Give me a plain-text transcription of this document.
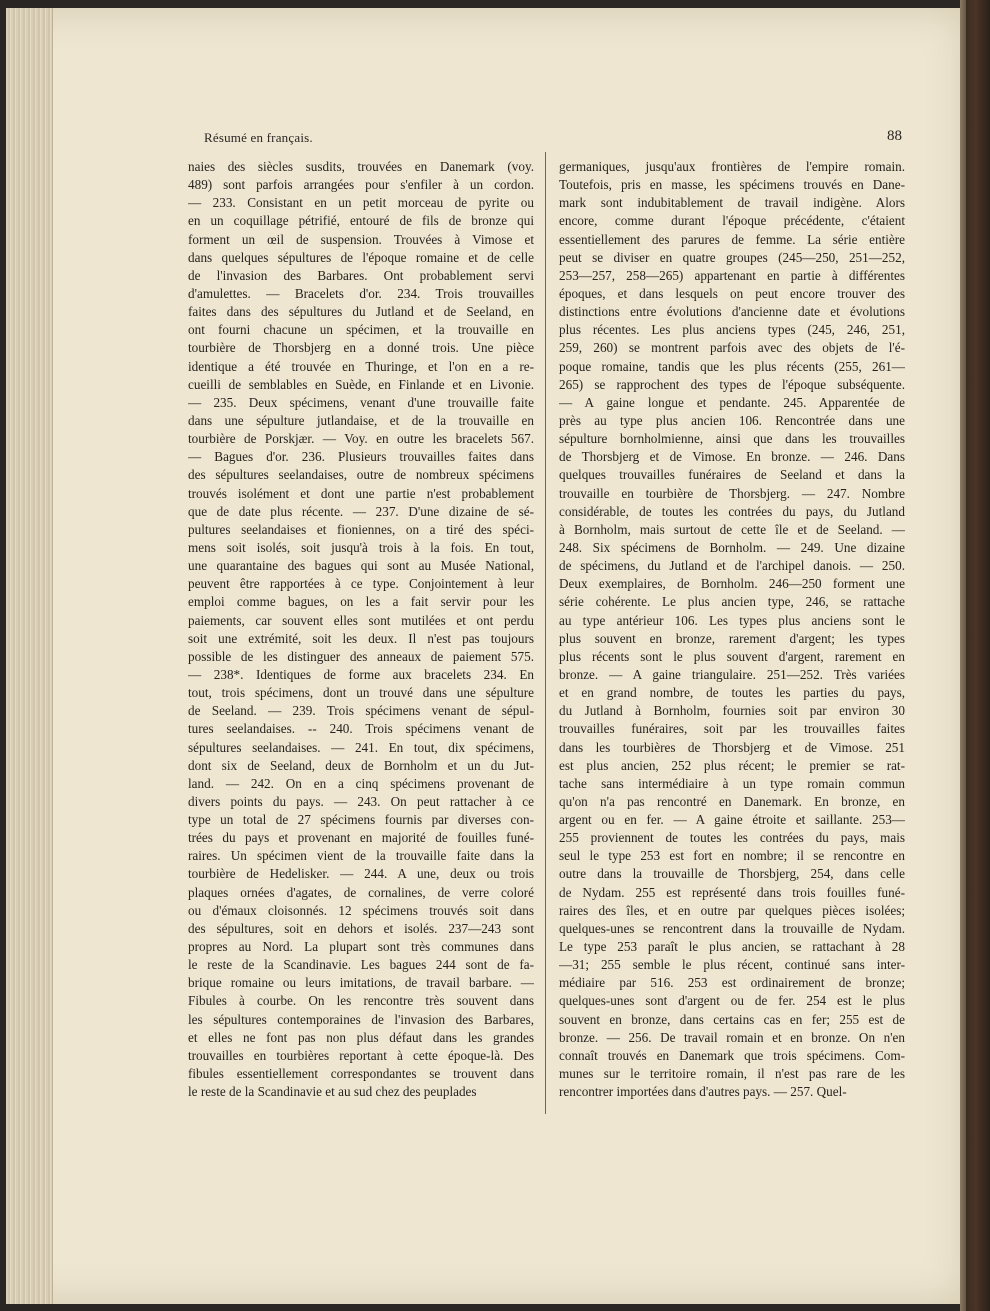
Résumé en français.	88
naies des siècles susdits, trouvées en Danemark (voy.
489) sont parfois arrangées pour s'enfiler à un cordon.
— 233. Consistant en un petit morceau de pyrite ou
en un coquillage pétrifié, entouré de fils de bronze qui
forment un œil de suspension. Trouvées à Vimose et
dans quelques sépultures de l'époque romaine et de celle
de l'invasion des Barbares. Ont probablement servi
d'amulettes. — Bracelets d'or. 234. Trois trouvailles
faites dans des sépultures du Jutland et de Seeland, en
ont fourni chacune un spécimen, et la trouvaille en
tourbière de Thorsbjerg en a donné trois. Une pièce
identique a été trouvée en Thuringe, et l'on en a re-
cueilli de semblables en Suède, en Finlande et en Livonie.
— 235. Deux spécimens, venant d'une trouvaille faite
dans une sépulture jutlandaise, et de la trouvaille en
tourbière de Porskjær. — Voy. en outre les bracelets 567.
— Bagues d'or. 236. Plusieurs trouvailles faites dans
des sépultures seelandaises, outre de nombreux spécimens
trouvés isolément et dont une partie n'est probablement
que de date plus récente. — 237. D'une dizaine de sé-
pultures seelandaises et fioniennes, on a tiré des spéci-
mens soit isolés, soit jusqu'à trois à la fois. En tout,
une quarantaine des bagues qui sont au Musée National,
peuvent être rapportées à ce type. Conjointement à leur
emploi comme bagues, on les a fait servir pour les
paiements, car souvent elles sont mutilées et ont perdu
soit une extrémité, soit les deux. Il n'est pas toujours
possible de les distinguer des anneaux de paiement 575.
— 238*. Identiques de forme aux bracelets 234. En
tout, trois spécimens, dont un trouvé dans une sépulture
de Seeland. — 239. Trois spécimens venant de sépul-
tures seelandaises. -- 240. Trois spécimens venant de
sépultures seelandaises. — 241. En tout, dix spécimens,
dont six de Seeland, deux de Bornholm et un du Jut-
land. — 242. On en a cinq spécimens provenant de
divers points du pays. — 243. On peut rattacher à ce
type un total de 27 spécimens fournis par diverses con-
trées du pays et provenant en majorité de fouilles funé-
raires. Un spécimen vient de la trouvaille faite dans la
tourbière de Hedelisker. — 244. A une, deux ou trois
plaques ornées d'agates, de cornalines, de verre coloré
ou d'émaux cloisonnés. 12 spécimens trouvés soit dans
des sépultures, soit en dehors et isolés. 237—243 sont
propres au Nord. La plupart sont très communes dans
le reste de la Scandinavie. Les bagues 244 sont de fa-
brique romaine ou leurs imitations, de travail barbare. —
Fibules à courbe. On les rencontre très souvent dans
les sépultures contemporaines de l'invasion des Barbares,
et elles ne font pas non plus défaut dans les grandes
trouvailles en tourbières reportant à cette époque-là. Des
fibules essentiellement correspondantes se trouvent dans
le reste de la Scandinavie et au sud chez des peuplades
germaniques, jusqu'aux frontières de l'empire romain.
Toutefois, pris en masse, les spécimens trouvés en Dane-
mark sont indubitablement de travail indigène. Alors
encore, comme durant l'époque précédente, c'étaient
essentiellement des parures de femme. La série entière
peut se diviser en quatre groupes (245—250, 251—252,
253—257, 258—265) appartenant en partie à différentes
époques, et dans lesquels on peut encore trouver des
distinctions entre évolutions d'ancienne date et évolutions
plus récentes. Les plus anciens types (245, 246, 251,
259, 260) se montrent parfois avec des objets de l'é-
poque romaine, tandis que les plus récents (255, 261—
265) se rapprochent des types de l'époque subséquente.
— A gaine longue et pendante. 245. Apparentée de
près au type plus ancien 106. Rencontrée dans une
sépulture bornholmienne, ainsi que dans les trouvailles
de Thorsbjerg et de Vimose. En bronze. — 246. Dans
quelques trouvailles funéraires de Seeland et dans la
trouvaille en tourbière de Thorsbjerg. — 247. Nombre
considérable, de toutes les contrées du pays, du Jutland
à Bornholm, mais surtout de cette île et de Seeland. —
248. Six spécimens de Bornholm. — 249. Une dizaine
de spécimens, du Jutland et de l'archipel danois. — 250.
Deux exemplaires, de Bornholm. 246—250 forment une
série cohérente. Le plus ancien type, 246, se rattache
au type antérieur 106. Les types plus anciens sont le
plus souvent en bronze, rarement d'argent; les types
plus récents sont le plus souvent d'argent, rarement en
bronze. — A gaine triangulaire. 251—252. Très variées
et en grand nombre, de toutes les parties du pays,
du Jutland à Bornholm, fournies soit par environ 30
trouvailles funéraires, soit par les trouvailles faites
dans les tourbières de Thorsbjerg et de Vimose. 251
est plus ancien, 252 plus récent; le premier se rat-
tache sans intermédiaire à un type romain commun
qu'on n'a pas rencontré en Danemark. En bronze, en
argent ou en fer. — A gaine étroite et saillante. 253—
255 proviennent de toutes les contrées du pays, mais
seul le type 253 est fort en nombre; il se rencontre en
outre dans la trouvaille de Thorsbjerg, 254, dans celle
de Nydam. 255 est représenté dans trois fouilles funé-
raires des îles, et en outre par quelques pièces isolées;
quelques-unes se rencontrent dans la trouvaille de Nydam.
Le type 253 paraît le plus ancien, se rattachant à 28
—31; 255 semble le plus récent, continué sans inter-
médiaire par 516. 253 est ordinairement de bronze;
quelques-unes sont d'argent ou de fer. 254 est le plus
souvent en bronze, dans certains cas en fer; 255 est de
bronze. — 256. De travail romain et en bronze. On n'en
connaît trouvés en Danemark que trois spécimens. Com-
munes sur le territoire romain, il n'est pas rare de les
rencontrer importées dans d'autres pays. — 257. Quel-
